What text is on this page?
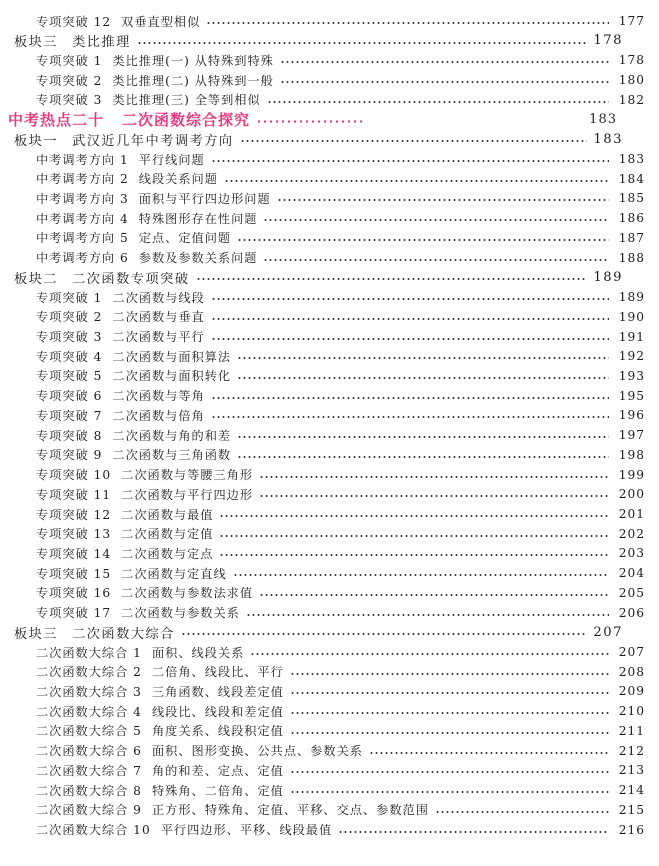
专项突破 12 双垂直型相似	177
板块三 类比推理	178
专项突破 1 类比推理(一) 从特殊到特殊	178
专项突破 2 类比推理(二) 从特殊到一般	180
专项突破 3 类比推理(三) 全等到相似	182
中考热点二十 二次函数综合探究	183
板块一 武汉近几年中考调考方向	183
中考调考方向 1 平行线问题	183
中考调考方向 2 线段关系问题	184
中考调考方向 3 面积与平行四边形问题	185
中考调考方向 4 特殊图形存在性问题	186
中考调考方向 5 定点、定值问题	187
中考调考方向 6 参数及参数关系问题	188
板块二 二次函数专项突破	189
专项突破 1 二次函数与线段	189
专项突破 2 二次函数与垂直	190
专项突破 3 二次函数与平行	191
专项突破 4 二次函数与面积算法	192
专项突破 5 二次函数与面积转化	193
专项突破 6 二次函数与等角	195
专项突破 7 二次函数与倍角	196
专项突破 8 二次函数与角的和差	197
专项突破 9 二次函数与三角函数	198
专项突破 10 二次函数与等腰三角形	199
专项突破 11 二次函数与平行四边形	200
专项突破 12 二次函数与最值	201
专项突破 13 二次函数与定值	202
专项突破 14 二次函数与定点	203
专项突破 15 二次函数与定直线	204
专项突破 16 二次函数与参数法求值	205
专项突破 17 二次函数与参数关系	206
板块三 二次函数大综合	207
二次函数大综合 1 面积、线段关系	207
二次函数大综合 2 二倍角、线段比、平行	208
二次函数大综合 3 三角函数、线段差定值	209
二次函数大综合 4 线段比、线段和差定值	210
二次函数大综合 5 角度关系、线段积定值	211
二次函数大综合 6 面积、图形变换、公共点、参数关系	212
二次函数大综合 7 角的和差、定点、定值	213
二次函数大综合 8 特殊角、二倍角、定值	214
二次函数大综合 9 正方形、特殊角、定值、平移、交点、参数范围	215
二次函数大综合 10 平行四边形、平移、线段最值	216
